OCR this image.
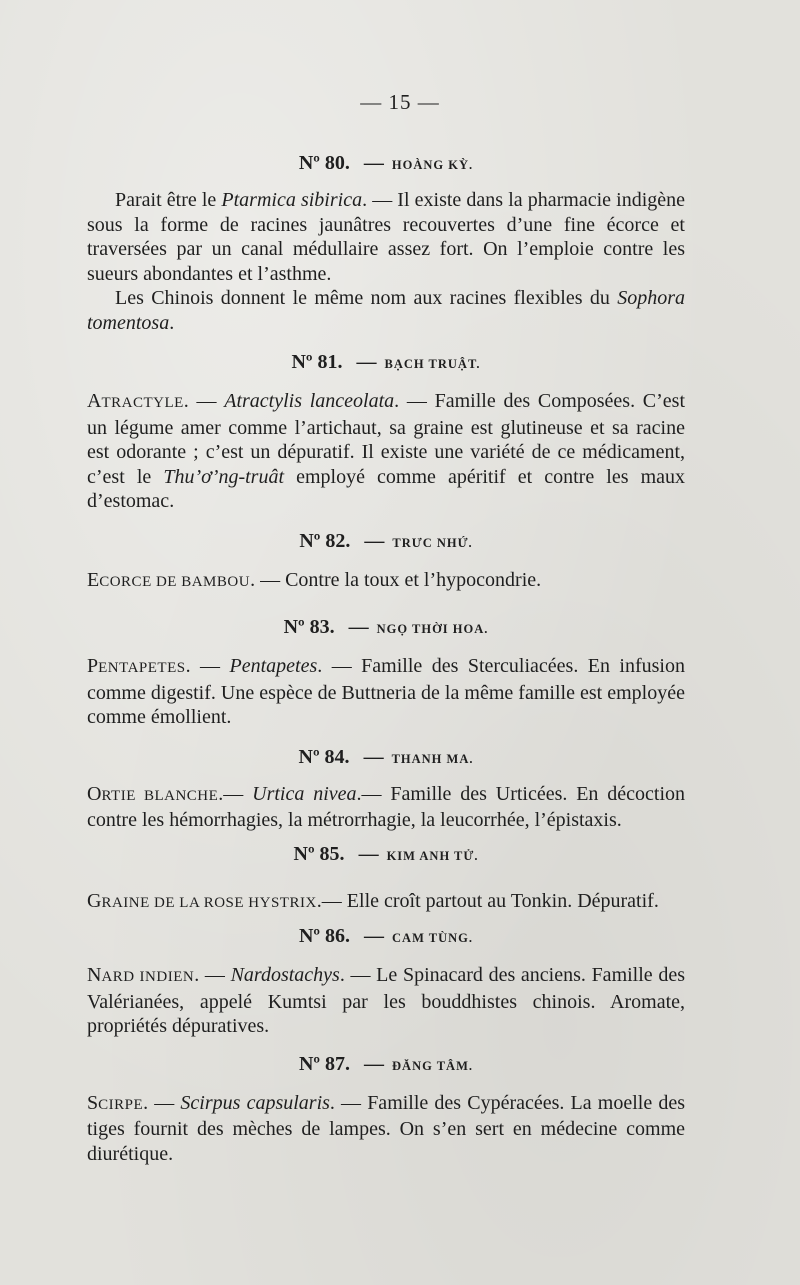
— 15 —
Nº 80. — HOÀNG KỲ.

Parait être le Ptarmica sibirica. — Il existe dans la pharmacie indigène sous la forme de racines jaunâtres recouvertes d’une fine écorce et traversées par un canal médullaire assez fort. On l’emploie contre les sueurs abondantes et l’asthme.

Les Chinois donnent le même nom aux racines flexibles du Sophora tomentosa.

Nº 81. — BẠCH TRUẬT.

ATRACTYLE. — Atractylis lanceolata. — Famille des Composées. C’est un légume amer comme l’artichaut, sa graine est glutineuse et sa racine est odorante ; c’est un dépuratif. Il existe une variété de ce médicament, c’est le Thu’ơ’ng-truât employé comme apéritif et contre les maux d’estomac.

Nº 82. — TRƯC NHỨ.

ECORCE DE BAMBOU. — Contre la toux et l’hypocondrie.

Nº 83. — NGỌ THỜI HOA.

PENTAPETES. — Pentapetes. — Famille des Sterculiacées. En infusion comme digestif. Une espèce de Buttneria de la même famille est employée comme émollient.

Nº 84. — THANH MA.

ORTIE BLANCHE.— Urtica nivea.— Famille des Urticées. En décoction contre les hémorrhagies, la métrorrhagie, la leucorrhée, l’épistaxis.

Nº 85. — KIM ANH TỬ.

GRAINE DE LA ROSE HYSTRIX.— Elle croît partout au Tonkin. Dépuratif.

Nº 86. — CAM TÙNG.

NARD INDIEN. — Nardostachys. — Le Spinacard des anciens. Famille des Valérianées, appelé Kumtsi par les bouddhistes chinois. Aromate, propriétés dépuratives.

Nº 87. — ĐĂNG TÂM.

SCIRPE. — Scirpus capsularis. — Famille des Cypéracées. La moelle des tiges fournit des mèches de lampes. On s’en sert en médecine comme diurétique.
